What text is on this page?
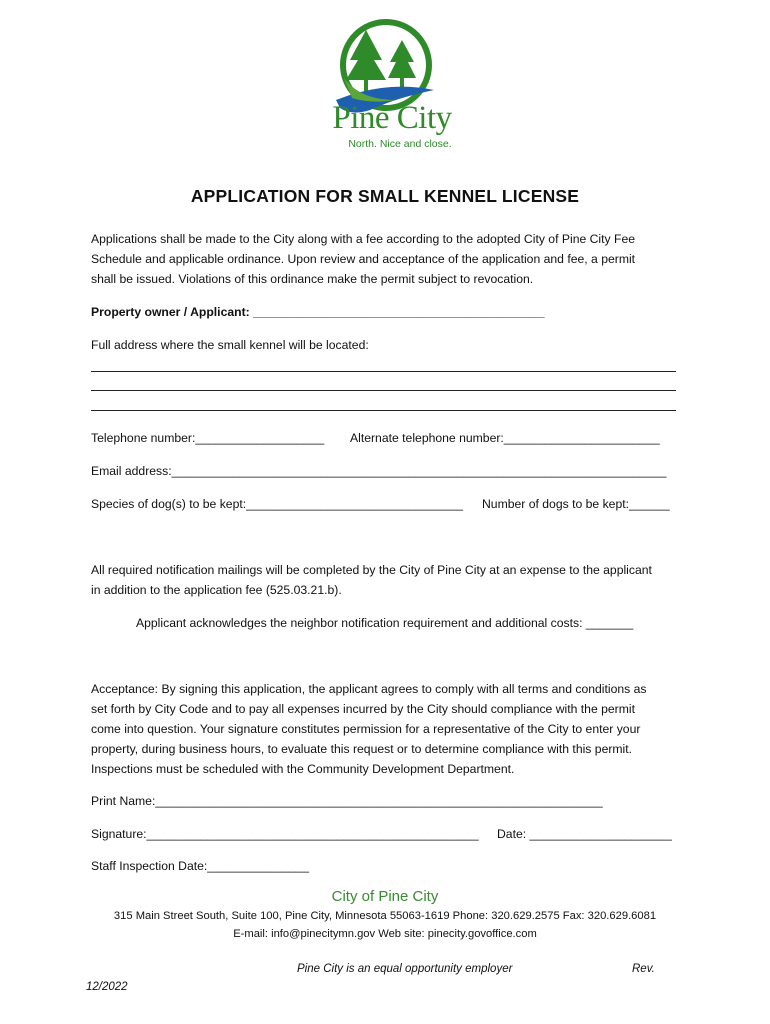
Pine City
North. Nice and close.
APPLICATION FOR SMALL KENNEL LICENSE
Applications shall be made to the City along with a fee according to the adopted City of Pine City Fee
Schedule and applicable ordinance. Upon review and acceptance of the application and fee, a permit
shall be issued. Violations of this ordinance make the permit subject to revocation.
Property owner / Applicant: ___________________________________________
Full address where the small kennel will be located:
Telephone number:___________________ Alternate telephone number:_______________________
Email address:_________________________________________________________________________
Species of dog(s) to be kept:________________________________ Number of dogs to be kept:______
All required notification mailings will be completed by the City of Pine City at an expense to the applicant
in addition to the application fee (525.03.21.b).
Applicant acknowledges the neighbor notification requirement and additional costs: _______
Acceptance: By signing this application, the applicant agrees to comply with all terms and conditions as
set forth by City Code and to pay all expenses incurred by the City should compliance with the permit
come into question. Your signature constitutes permission for a representative of the City to enter your
property, during business hours, to evaluate this request or to determine compliance with this permit.
Inspections must be scheduled with the Community Development Department.
Print Name:__________________________________________________________________
Signature:_________________________________________________ Date: _____________________
Staff Inspection Date:_______________
City of Pine City
315 Main Street South, Suite 100, Pine City, Minnesota 55063-1619 Phone: 320.629.2575 Fax: 320.629.6081
E-mail: info@pinecitymn.gov Web site: pinecity.govoffice.com
Pine City is an equal opportunity employer	Rev.
12/2022
